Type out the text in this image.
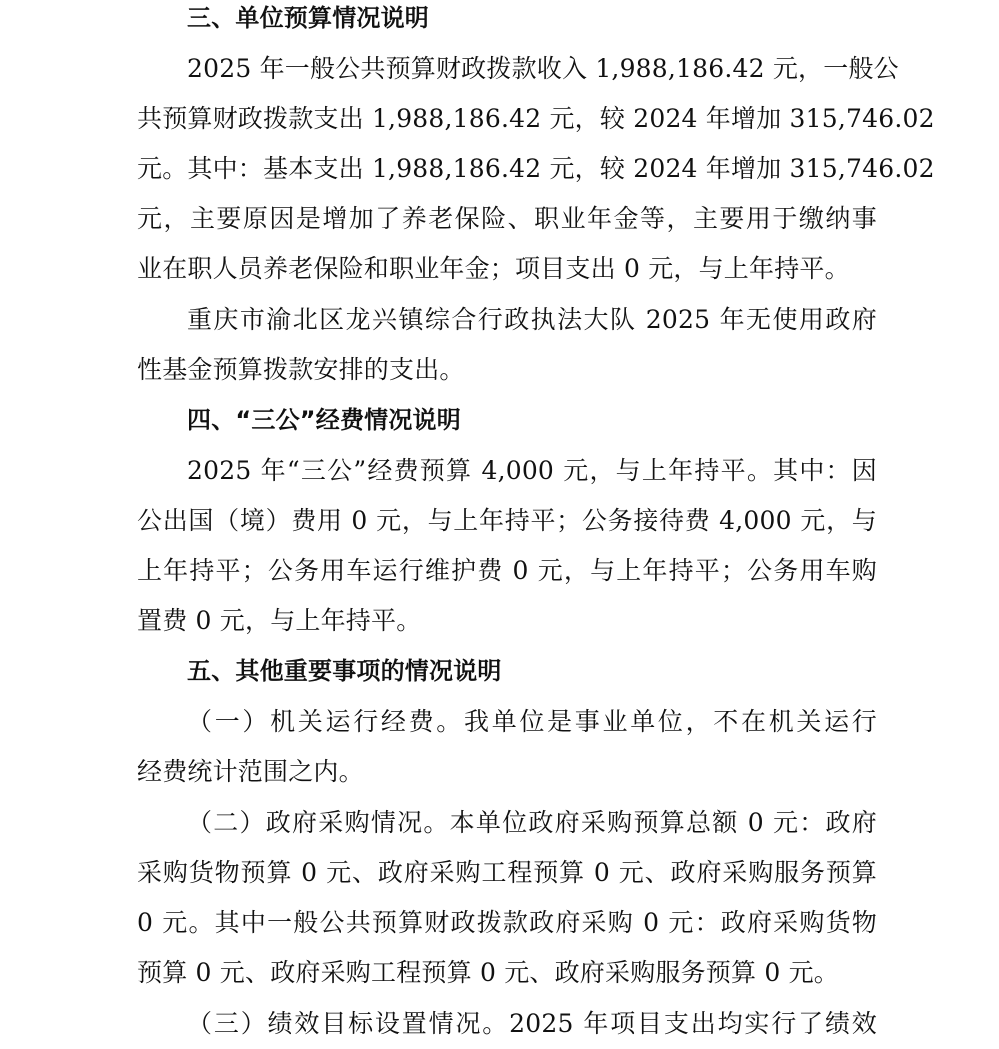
三、单位预算情况说明
2025 年一般公共预算财政拨款收入 1,988,186.42 元，一般公
共预算财政拨款支出 1,988,186.42 元，较 2024 年增加 315,746.02
元。其中：基本支出 1,988,186.42 元，较 2024 年增加 315,746.02
元，主要原因是增加了养老保险、职业年金等，主要用于缴纳事
业在职人员养老保险和职业年金；项目支出 0 元，与上年持平。
重庆市渝北区龙兴镇综合行政执法大队 2025 年无使用政府
性基金预算拨款安排的支出。
四、“三公”经费情况说明
2025 年“三公”经费预算 4,000 元，与上年持平。其中：因
公出国（境）费用 0 元，与上年持平；公务接待费 4,000 元，与
上年持平；公务用车运行维护费 0 元，与上年持平；公务用车购
置费 0 元，与上年持平。
五、其他重要事项的情况说明
（一）机关运行经费。我单位是事业单位，不在机关运行
经费统计范围之内。
（二）政府采购情况。本单位政府采购预算总额 0 元：政府
采购货物预算 0 元、政府采购工程预算 0 元、政府采购服务预算
0 元。其中一般公共预算财政拨款政府采购 0 元：政府采购货物
预算 0 元、政府采购工程预算 0 元、政府采购服务预算 0 元。
（三）绩效目标设置情况。2025 年项目支出均实行了绩效
